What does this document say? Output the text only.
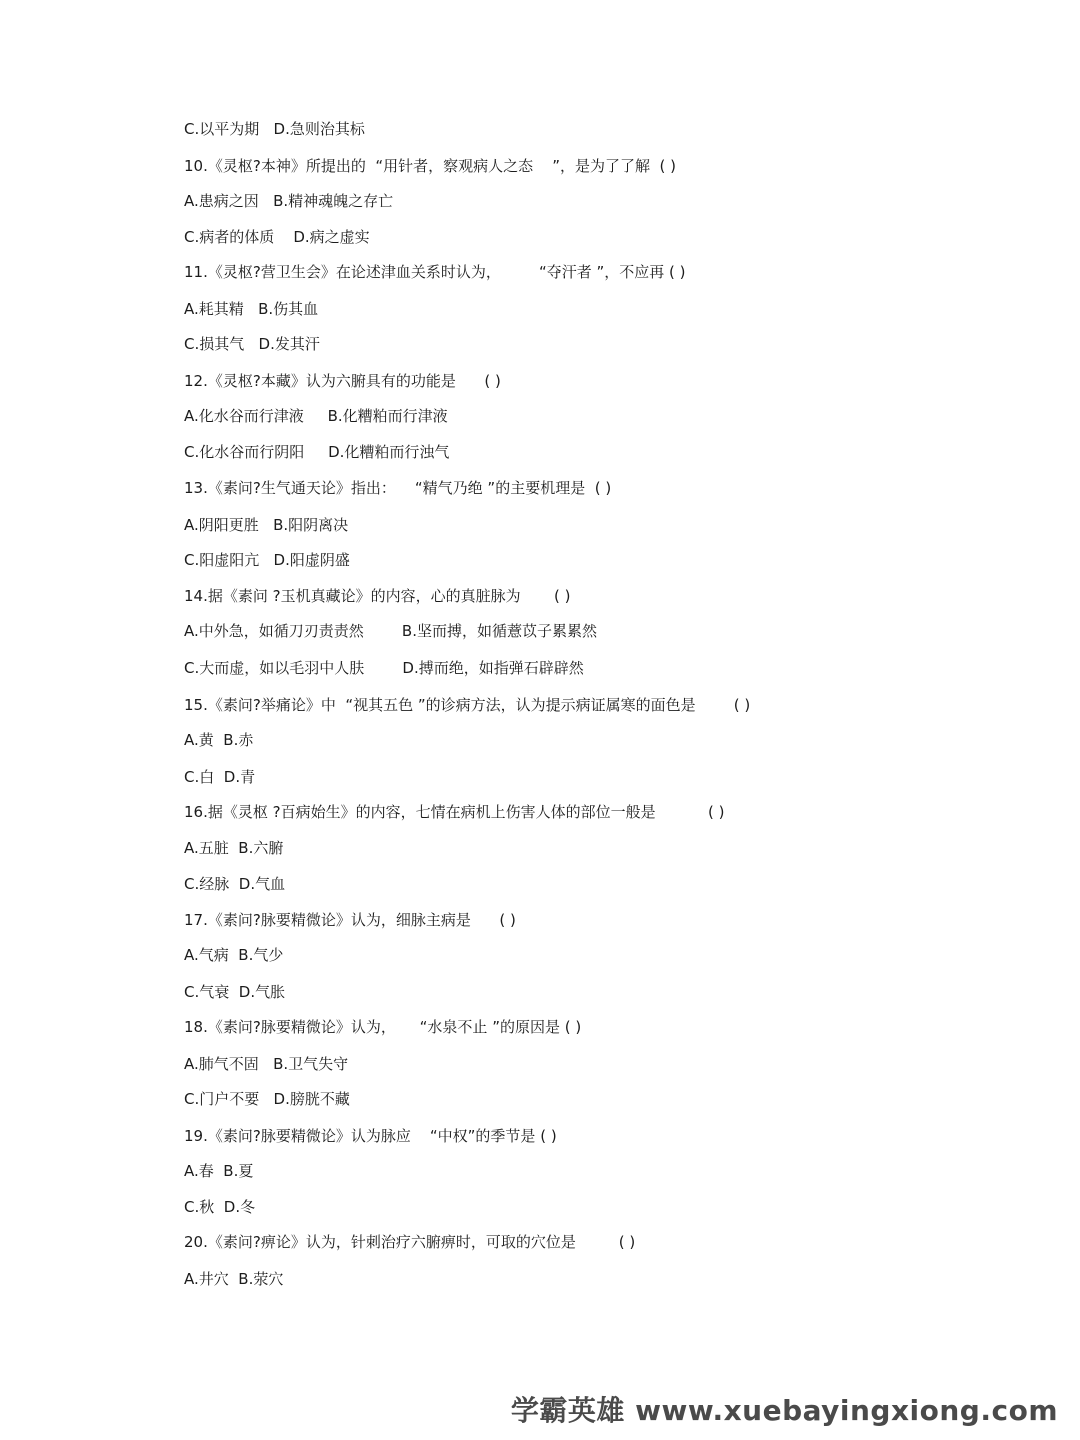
C.以平为期   D.急则治其标
10.《灵枢?本神》所提出的  “用针者，察观病人之态    ”，是为了了解  ( )
A.患病之因   B.精神魂魄之存亡
C.病者的体质    D.病之虚实
11.《灵枢?营卫生会》在论述津血关系时认为，        “夺汗者 ”，不应再 ( )
A.耗其精   B.伤其血
C.损其气   D.发其汗
12.《灵枢?本藏》认为六腑具有的功能是      ( )
A.化水谷而行津液     B.化糟粕而行津液
C.化水谷而行阴阳     D.化糟粕而行浊气
13.《素问?生气通天论》指出：    “精气乃绝 ”的主要机理是  ( )
A.阴阳更胜   B.阳阴离决
C.阳虚阳亢   D.阳虚阴盛
14.据《素问 ?玉机真藏论》的内容，心的真脏脉为       ( )
A.中外急，如循刀刃责责然        B.坚而搏，如循薏苡子累累然
C.大而虚，如以毛羽中人肤        D.搏而绝，如指弹石辟辟然
15.《素问?举痛论》中  “视其五色 ”的诊病方法，认为提示病证属寒的面色是        ( )
A.黄  B.赤
C.白  D.青
16.据《灵枢 ?百病始生》的内容，七情在病机上伤害人体的部位一般是           ( )
A.五脏  B.六腑
C.经脉  D.气血
17.《素问?脉要精微论》认为，细脉主病是      ( )
A.气病  B.气少
C.气衰  D.气胀
18.《素问?脉要精微论》认为，     “水泉不止 ”的原因是 ( )
A.肺气不固   B.卫气失守
C.门户不要   D.膀胱不藏
19.《素问?脉要精微论》认为脉应    “中权”的季节是 ( )
A.春  B.夏
C.秋  D.冬
20.《素问?痹论》认为，针刺治疗六腑痹时，可取的穴位是         ( )
A.井穴  B.荥穴
学霸英雄 www.xuebayingxiong.com
